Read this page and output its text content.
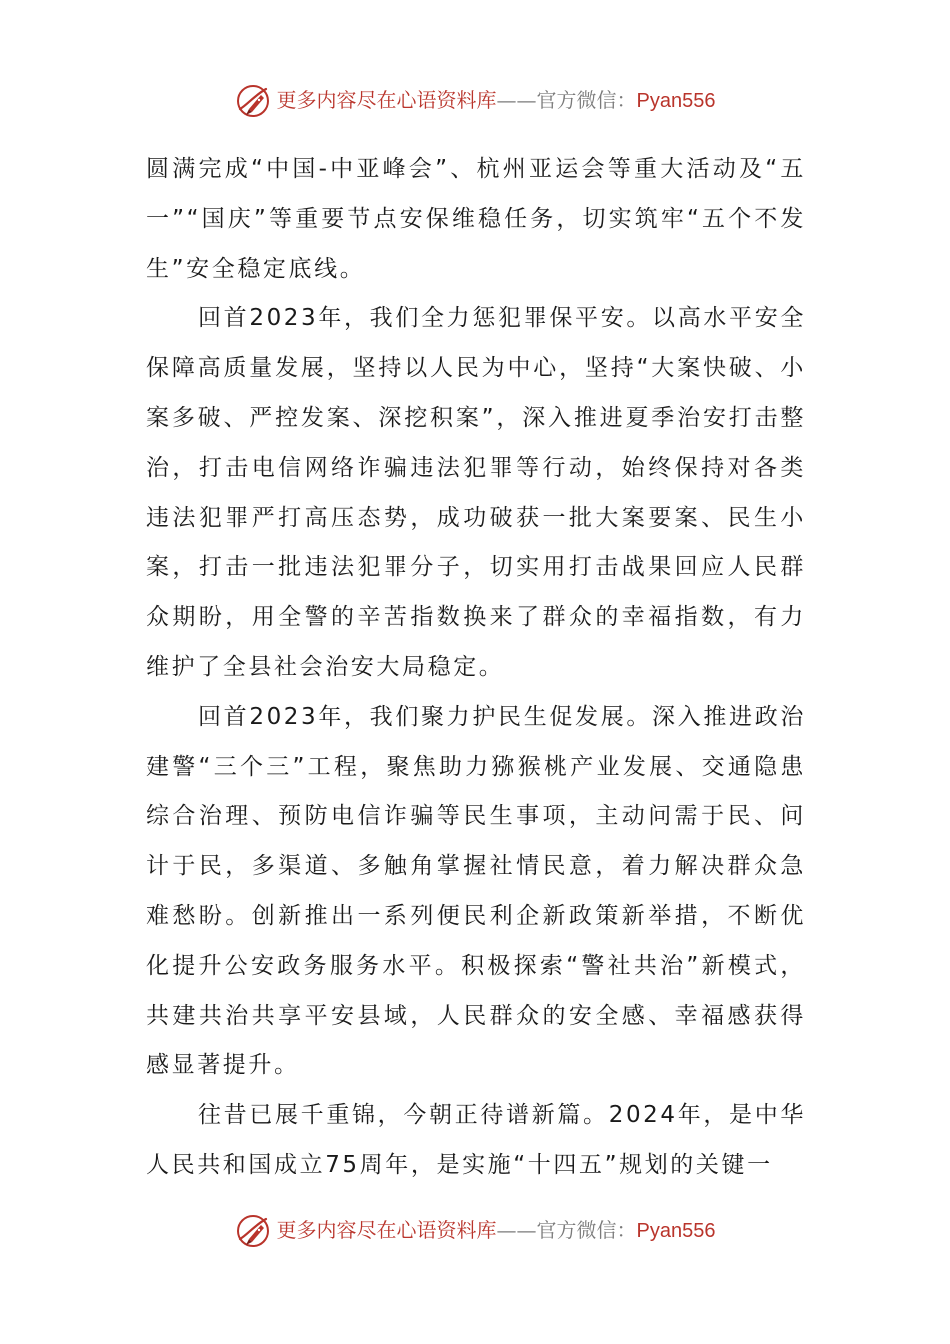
更多内容尽在心语资料库——官方微信：Pyan556

圆满完成“中国-中亚峰会”、杭州亚运会等重大活动及“五一”“国庆”等重要节点安保维稳任务，切实筑牢“五个不发生”安全稳定底线。

回首2023年，我们全力惩犯罪保平安。以高水平安全保障高质量发展，坚持以人民为中心，坚持“大案快破、小案多破、严控发案、深挖积案”，深入推进夏季治安打击整治，打击电信网络诈骗违法犯罪等行动，始终保持对各类违法犯罪严打高压态势，成功破获一批大案要案、民生小案，打击一批违法犯罪分子，切实用打击战果回应人民群众期盼，用全警的辛苦指数换来了群众的幸福指数，有力维护了全县社会治安大局稳定。

回首2023年，我们聚力护民生促发展。深入推进政治建警“三个三”工程，聚焦助力猕猴桃产业发展、交通隐患综合治理、预防电信诈骗等民生事项，主动问需于民、问计于民，多渠道、多触角掌握社情民意，着力解决群众急难愁盼。创新推出一系列便民利企新政策新举措，不断优化提升公安政务服务水平。积极探索“警社共治”新模式，共建共治共享平安县域，人民群众的安全感、幸福感获得感显著提升。

往昔已展千重锦，今朝正待谱新篇。2024年，是中华人民共和国成立75周年，是实施“十四五”规划的关键一

更多内容尽在心语资料库——官方微信：Pyan556
